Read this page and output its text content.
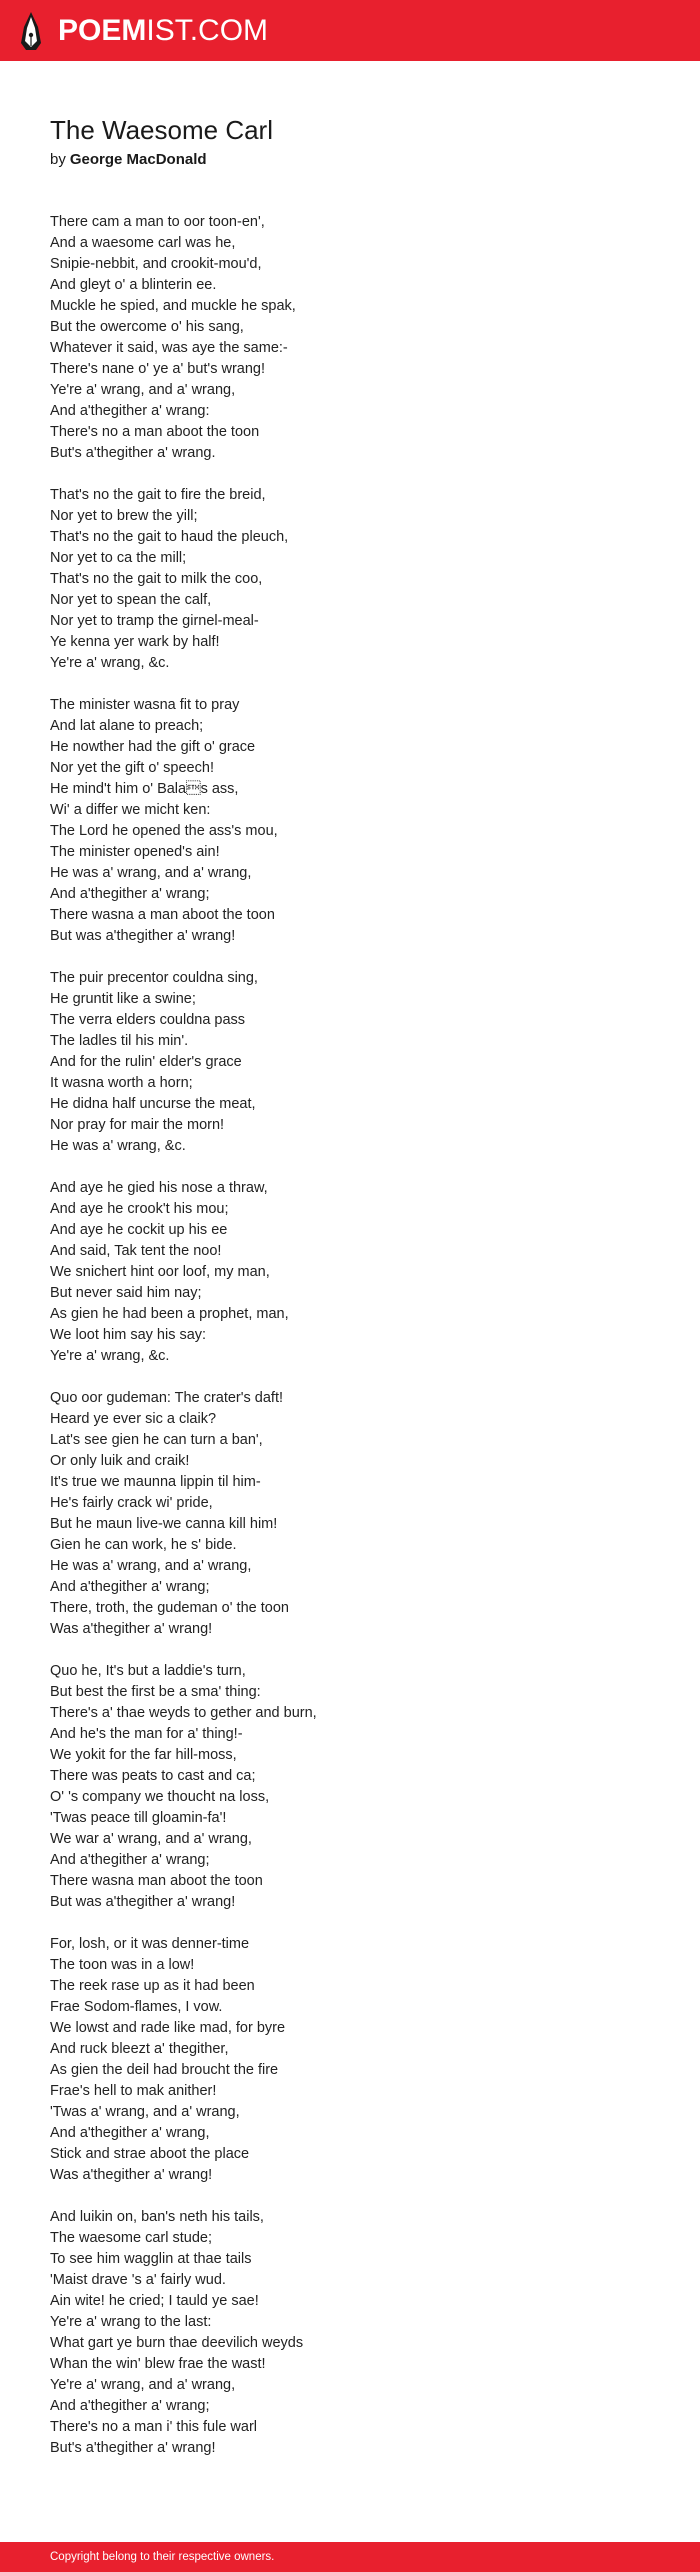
POEMIST.COM
The Waesome Carl
by George MacDonald
There cam a man to oor toon-en',
And a waesome carl was he,
Snipie-nebbit, and crookit-mou'd,
And gleyt o' a blinterin ee.
Muckle he spied, and muckle he spak,
But the owercome o' his sang,
Whatever it said, was aye the same:-
There's nane o' ye a' but's wrang!
Ye're a' wrang, and a' wrang,
And a'thegither a' wrang:
There's no a man aboot the toon
But's a'thegither a' wrang.
That's no the gait to fire the breid,
Nor yet to brew the yill;
That's no the gait to haud the pleuch,
Nor yet to ca the mill;
That's no the gait to milk the coo,
Nor yet to spean the calf,
Nor yet to tramp the girnel-meal-
Ye kenna yer wark by half!
Ye're a' wrang, &c.
The minister wasna fit to pray
And lat alane to preach;
He nowther had the gift o' grace
Nor yet the gift o' speech!
He mind't him o' Balas ass,
Wi' a differ we micht ken:
The Lord he opened the ass's mou,
The minister opened's ain!
He was a' wrang, and a' wrang,
And a'thegither a' wrang;
There wasna a man aboot the toon
But was a'thegither a' wrang!
The puir precentor couldna sing,
He gruntit like a swine;
The verra elders couldna pass
The ladles til his min'.
And for the rulin' elder's grace
It wasna worth a horn;
He didna half uncurse the meat,
Nor pray for mair the morn!
He was a' wrang, &c.
And aye he gied his nose a thraw,
And aye he crook't his mou;
And aye he cockit up his ee
And said, Tak tent the noo!
We snichert hint oor loof, my man,
But never said him nay;
As gien he had been a prophet, man,
We loot him say his say:
Ye're a' wrang, &c.
Quo oor gudeman: The crater's daft!
Heard ye ever sic a claik?
Lat's see gien he can turn a ban',
Or only luik and craik!
It's true we maunna lippin til him-
He's fairly crack wi' pride,
But he maun live-we canna kill him!
Gien he can work, he s' bide.
He was a' wrang, and a' wrang,
And a'thegither a' wrang;
There, troth, the gudeman o' the toon
Was a'thegither a' wrang!
Quo he, It's but a laddie's turn,
But best the first be a sma' thing:
There's a' thae weyds to gether and burn,
And he's the man for a' thing!-
We yokit for the far hill-moss,
There was peats to cast and ca;
O' 's company we thoucht na loss,
'Twas peace till gloamin-fa'!
We war a' wrang, and a' wrang,
And a'thegither a' wrang;
There wasna man aboot the toon
But was a'thegither a' wrang!
For, losh, or it was denner-time
The toon was in a low!
The reek rase up as it had been
Frae Sodom-flames, I vow.
We lowst and rade like mad, for byre
And ruck bleezt a' thegither,
As gien the deil had broucht the fire
Frae's hell to mak anither!
'Twas a' wrang, and a' wrang,
And a'thegither a' wrang,
Stick and strae aboot the place
Was a'thegither a' wrang!
And luikin on, ban's neth his tails,
The waesome carl stude;
To see him wagglin at thae tails
'Maist drave 's a' fairly wud.
Ain wite! he cried; I tauld ye sae!
Ye're a' wrang to the last:
What gart ye burn thae deevilich weyds
Whan the win' blew frae the wast!
Ye're a' wrang, and a' wrang,
And a'thegither a' wrang;
There's no a man i' this fule warl
But's a'thegither a' wrang!
Copyright belong to their respective owners.
